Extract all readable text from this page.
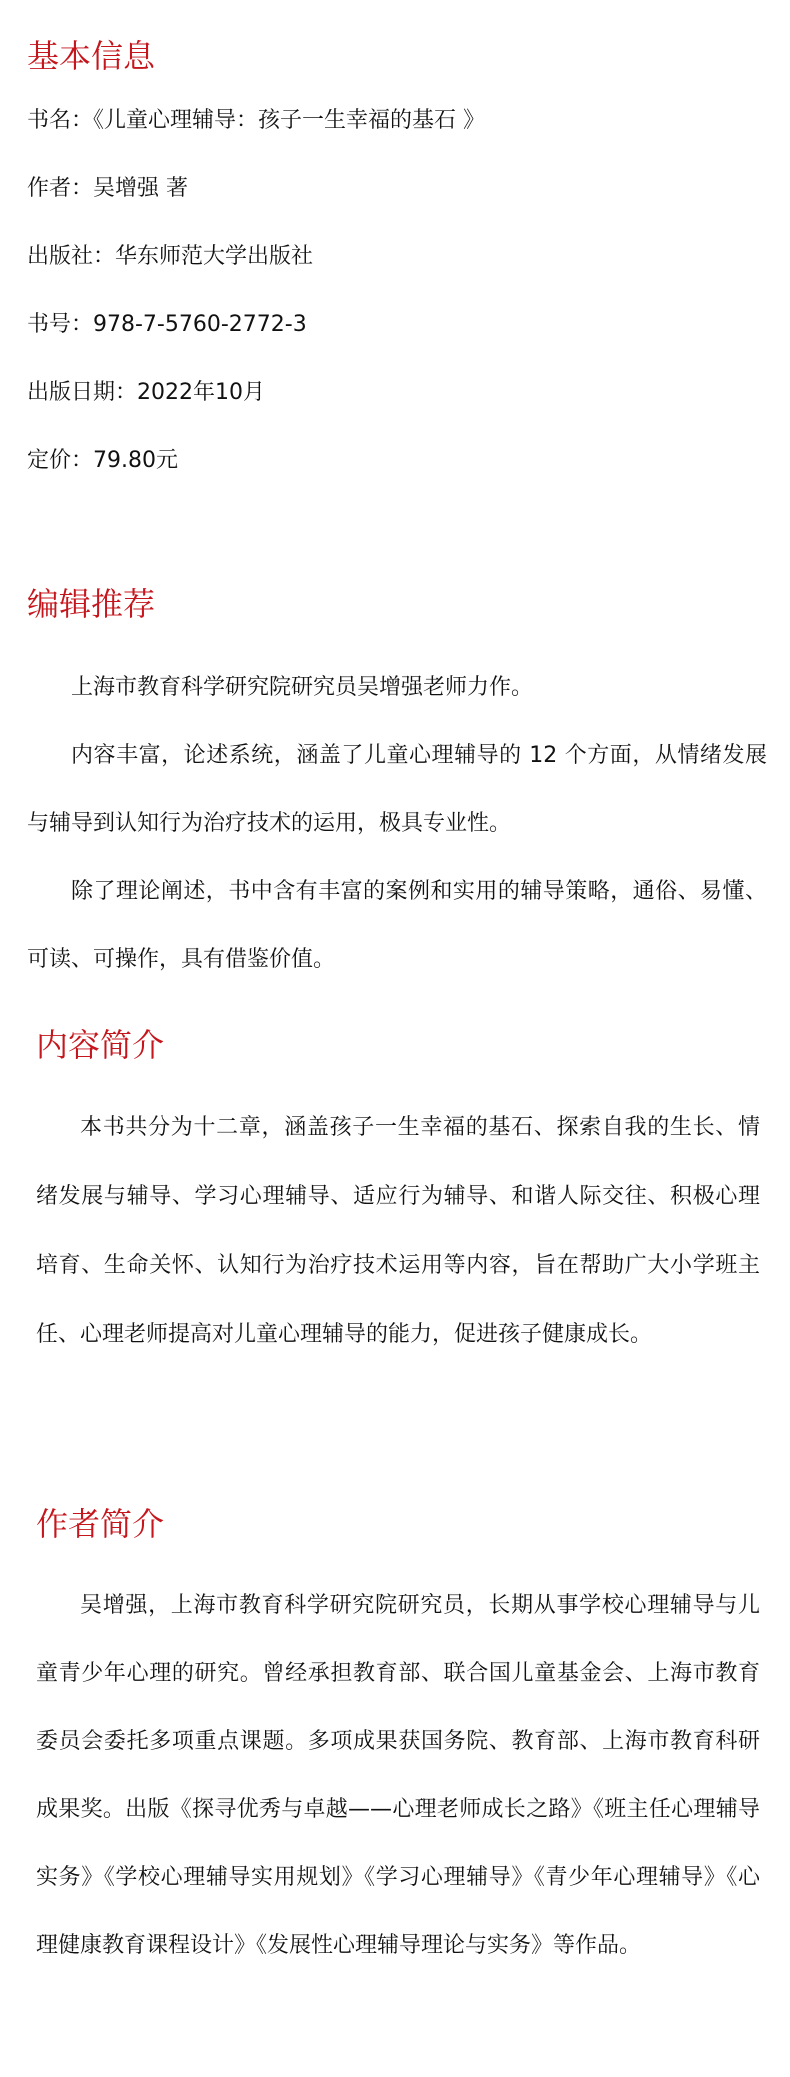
基本信息

书名：《儿童心理辅导：孩子一生幸福的基石 》

作者：吴增强 著

出版社：华东师范大学出版社

书号：978-7-5760-2772-3

出版日期：2022年10月

定价：79.80元

编辑推荐

上海市教育科学研究院研究员吴增强老师力作。

内容丰富，论述系统，涵盖了儿童心理辅导的 12 个方面，从情绪发展与辅导到认知行为治疗技术的运用，极具专业性。

除了理论阐述，书中含有丰富的案例和实用的辅导策略，通俗、易懂、可读、可操作，具有借鉴价值。

内容简介

本书共分为十二章，涵盖孩子一生幸福的基石、探索自我的生长、情绪发展与辅导、学习心理辅导、适应行为辅导、和谐人际交往、积极心理培育、生命关怀、认知行为治疗技术运用等内容，旨在帮助广大小学班主任、心理老师提高对儿童心理辅导的能力，促进孩子健康成长。

作者简介

吴增强，上海市教育科学研究院研究员，长期从事学校心理辅导与儿童青少年心理的研究。曾经承担教育部、联合国儿童基金会、上海市教育委员会委托多项重点课题。多项成果获国务院、教育部、上海市教育科研成果奖。出版《探寻优秀与卓越——心理老师成长之路》《班主任心理辅导实务》《学校心理辅导实用规划》《学习心理辅导》《青少年心理辅导》《心理健康教育课程设计》《发展性心理辅导理论与实务》等作品。
